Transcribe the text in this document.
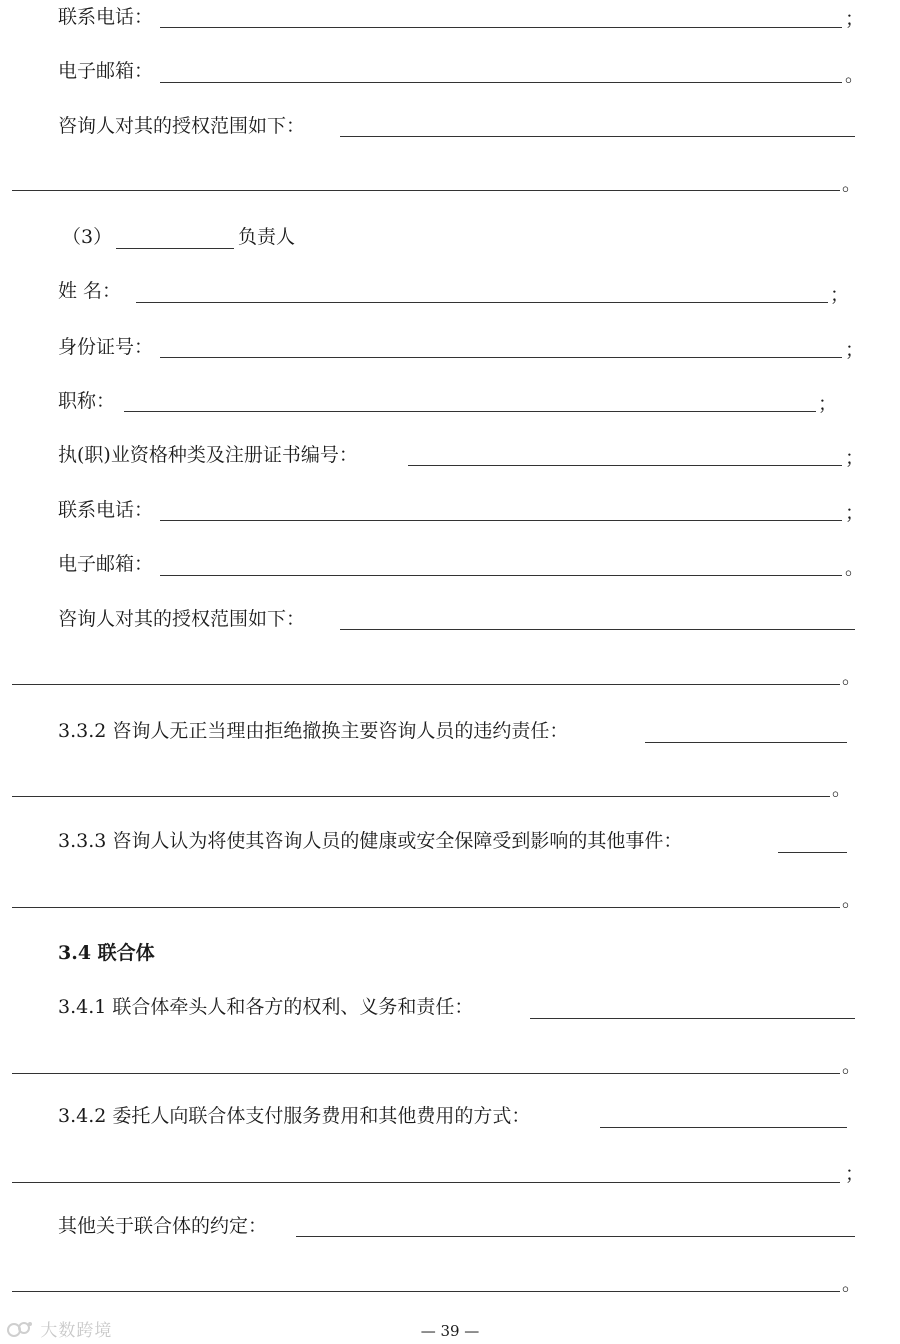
联系电话：	；
电子邮箱：	。
咨询人对其的授权范围如下：
。
（3）	负责人
姓 名：	；
身份证号：	；
职称：	；
执(职)业资格种类及注册证书编号：	；
联系电话：	；
电子邮箱：	。
咨询人对其的授权范围如下：
。
3.3.2 咨询人无正当理由拒绝撤换主要咨询人员的违约责任：
。
3.3.3 咨询人认为将使其咨询人员的健康或安全保障受到影响的其他事件：
。
3.4 联合体
3.4.1 联合体牵头人和各方的权利、义务和责任：
。
3.4.2 委托人向联合体支付服务费用和其他费用的方式：
；
其他关于联合体的约定：
。
— 39 —
大数跨境
